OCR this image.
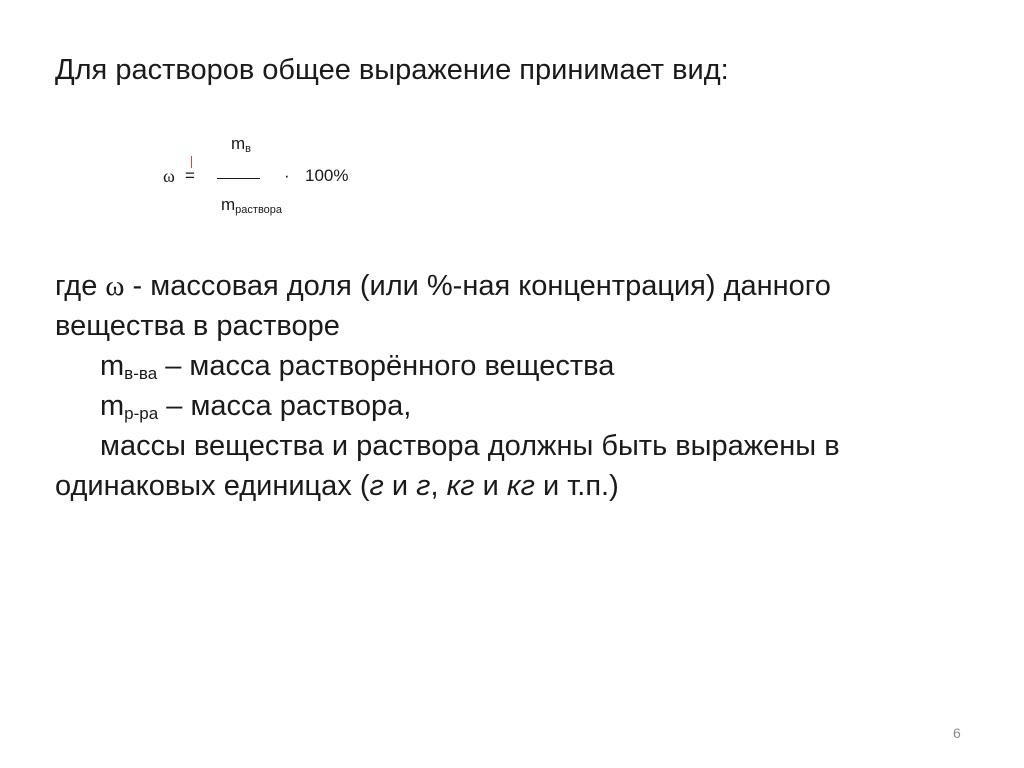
Для растворов общее выражение принимает вид:
$m_в$
ω =	· 100%
$m_{раствора}$
где ω - массовая доля (или %-ная концентрация) данного
вещества в растворе
$m_{в-ва}$ – масса растворённого вещества
$m_{р-ра}$ – масса раствора,
массы вещества и раствора должны быть выражены в
одинаковых единицах (г и г, кг и кг и т.п.)
6
